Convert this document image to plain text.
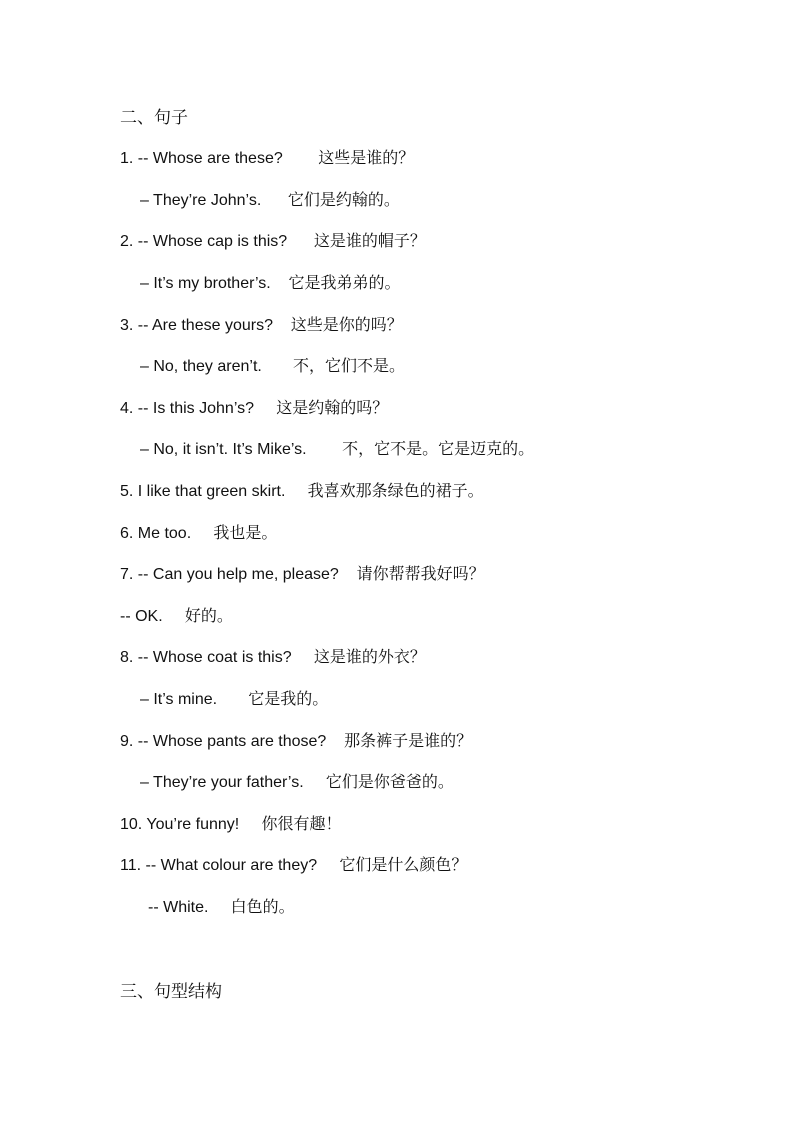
二、句子
1. -- Whose are these?        这些是谁的？
– They’re John’s.      它们是约翰的。
2. -- Whose cap is this?      这是谁的帽子？
– It’s my brother’s.    它是我弟弟的。
3. -- Are these yours?    这些是你的吗？
– No, they aren’t.       不，它们不是。
4. -- Is this John’s?     这是约翰的吗？
– No, it isn’t. It’s Mike’s.        不，它不是。它是迈克的。
5. I like that green skirt.     我喜欢那条绿色的裙子。
6. Me too.     我也是。
7. -- Can you help me, please?    请你帮帮我好吗？
-- OK.     好的。
8. -- Whose coat is this?     这是谁的外衣？
– It’s mine.       它是我的。
9. -- Whose pants are those?    那条裤子是谁的？
– They’re your father’s.     它们是你爸爸的。
10. You’re funny!     你很有趣！
11. -- What colour are they?     它们是什么颜色？
-- White.     白色的。
三、句型结构
